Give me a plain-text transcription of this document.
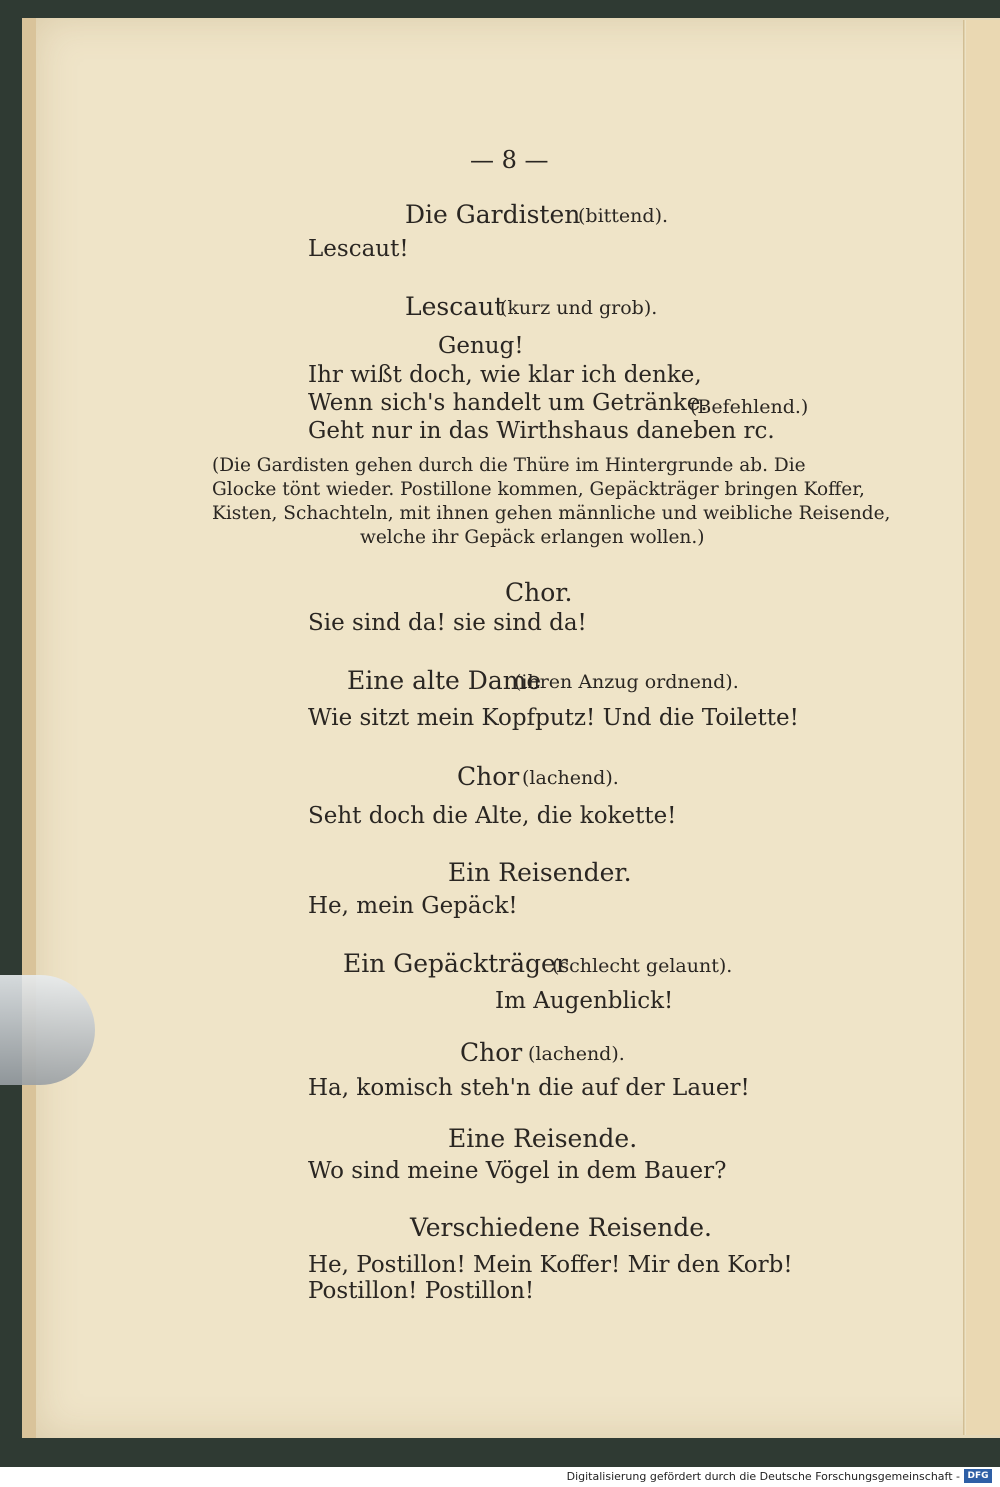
— 8 —
Die Gardisten
(bittend).
Lescaut!
Lescaut
(kurz und grob).
Genug!
Ihr wißt doch, wie klar ich denke,
Wenn sich's handelt um Getränke.
(Befehlend.)
Geht nur in das Wirthshaus daneben rc.
(Die Gardisten gehen durch die Thüre im Hintergrunde ab. Die
Glocke tönt wieder. Postillone kommen, Gepäckträger bringen Koffer,
Kisten, Schachteln, mit ihnen gehen männliche und weibliche Reisende,
welche ihr Gepäck erlangen wollen.)
Chor.
Sie sind da! sie sind da!
Eine alte Dame
(ihren Anzug ordnend).
Wie sitzt mein Kopfputz! Und die Toilette!
Chor (lachend).
Seht doch die Alte, die kokette!
Ein Reisender.
He, mein Gepäck!
Ein Gepäckträger
(schlecht gelaunt).
Im Augenblick!
Chor (lachend).
Ha, komisch steh'n die auf der Lauer!
Eine Reisende.
Wo sind meine Vögel in dem Bauer?
Verschiedene Reisende.
He, Postillon! Mein Koffer! Mir den Korb!
Postillon! Postillon!
Digitalisierung gefördert durch die Deutsche Forschungsgemeinschaft - DFG
